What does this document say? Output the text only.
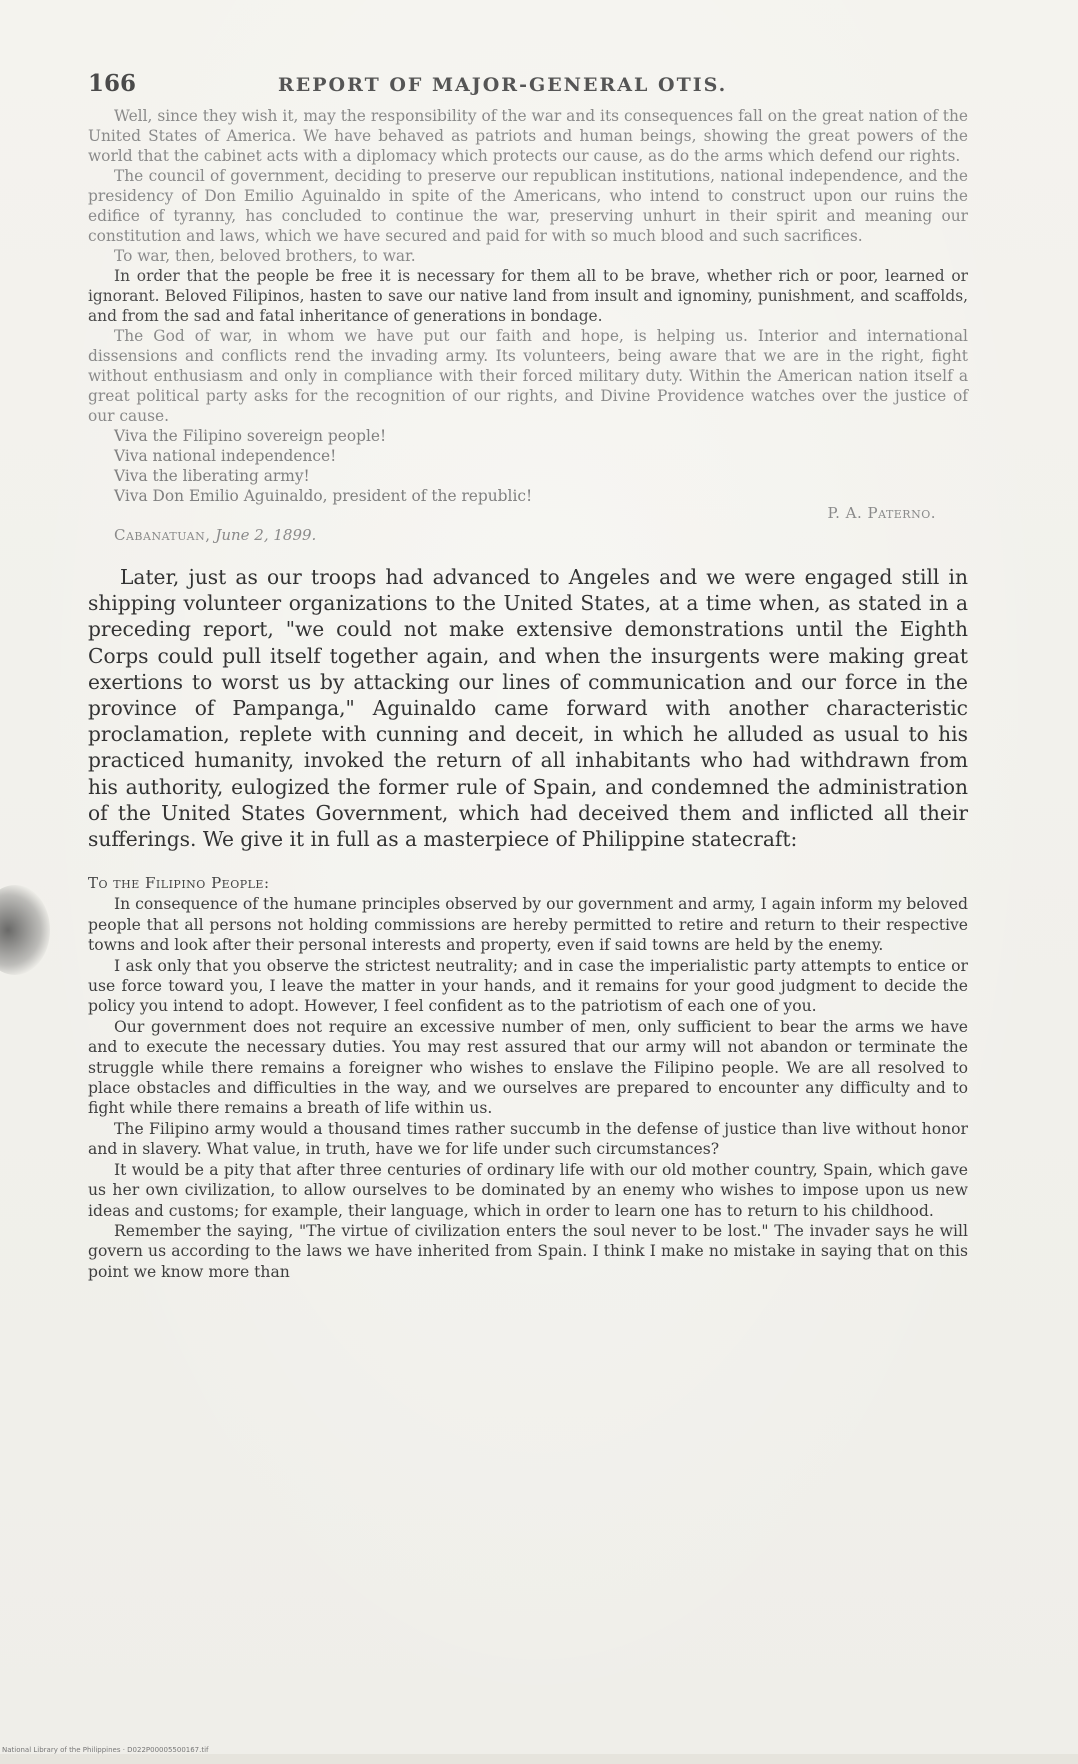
166	REPORT OF MAJOR-GENERAL OTIS.

Well, since they wish it, may the responsibility of the war and its consequences fall on the great nation of the United States of America. We have behaved as patriots and human beings, showing the great powers of the world that the cabinet acts with a diplomacy which protects our cause, as do the arms which defend our rights.

The council of government, deciding to preserve our republican institutions, national independence, and the presidency of Don Emilio Aguinaldo in spite of the Americans, who intend to construct upon our ruins the edifice of tyranny, has concluded to continue the war, preserving unhurt in their spirit and meaning our constitution and laws, which we have secured and paid for with so much blood and such sacrifices.

To war, then, beloved brothers, to war.

In order that the people be free it is necessary for them all to be brave, whether rich or poor, learned or ignorant. Beloved Filipinos, hasten to save our native land from insult and ignominy, punishment, and scaffolds, and from the sad and fatal inheritance of generations in bondage.

The God of war, in whom we have put our faith and hope, is helping us. Interior and international dissensions and conflicts rend the invading army. Its volunteers, being aware that we are in the right, fight without enthusiasm and only in compliance with their forced military duty. Within the American nation itself a great political party asks for the recognition of our rights, and Divine Providence watches over the justice of our cause.

Viva the Filipino sovereign people!
Viva national independence!
Viva the liberating army!
Viva Don Emilio Aguinaldo, president of the republic!
P. A. Paterno.
Cabanatuan, June 2, 1899.

Later, just as our troops had advanced to Angeles and we were engaged still in shipping volunteer organizations to the United States, at a time when, as stated in a preceding report, "we could not make extensive demonstrations until the Eighth Corps could pull itself together again, and when the insurgents were making great exertions to worst us by attacking our lines of communication and our force in the province of Pampanga," Aguinaldo came forward with another characteristic proclamation, replete with cunning and deceit, in which he alluded as usual to his practiced humanity, invoked the return of all inhabitants who had withdrawn from his authority, eulogized the former rule of Spain, and condemned the administration of the United States Government, which had deceived them and inflicted all their sufferings. We give it in full as a masterpiece of Philippine statecraft:

To the Filipino People:

In consequence of the humane principles observed by our government and army, I again inform my beloved people that all persons not holding commissions are hereby permitted to retire and return to their respective towns and look after their personal interests and property, even if said towns are held by the enemy.

I ask only that you observe the strictest neutrality; and in case the imperialistic party attempts to entice or use force toward you, I leave the matter in your hands, and it remains for your good judgment to decide the policy you intend to adopt. However, I feel confident as to the patriotism of each one of you.

Our government does not require an excessive number of men, only sufficient to bear the arms we have and to execute the necessary duties. You may rest assured that our army will not abandon or terminate the struggle while there remains a foreigner who wishes to enslave the Filipino people. We are all resolved to place obstacles and difficulties in the way, and we ourselves are prepared to encounter any difficulty and to fight while there remains a breath of life within us.

The Filipino army would a thousand times rather succumb in the defense of justice than live without honor and in slavery. What value, in truth, have we for life under such circumstances?

It would be a pity that after three centuries of ordinary life with our old mother country, Spain, which gave us her own civilization, to allow ourselves to be dominated by an enemy who wishes to impose upon us new ideas and customs; for example, their language, which in order to learn one has to return to his childhood.

Remember the saying, "The virtue of civilization enters the soul never to be lost." The invader says he will govern us according to the laws we have inherited from Spain. I think I make no mistake in saying that on this point we know more than

National Library of the Philippines · D022P00005500167.tif
